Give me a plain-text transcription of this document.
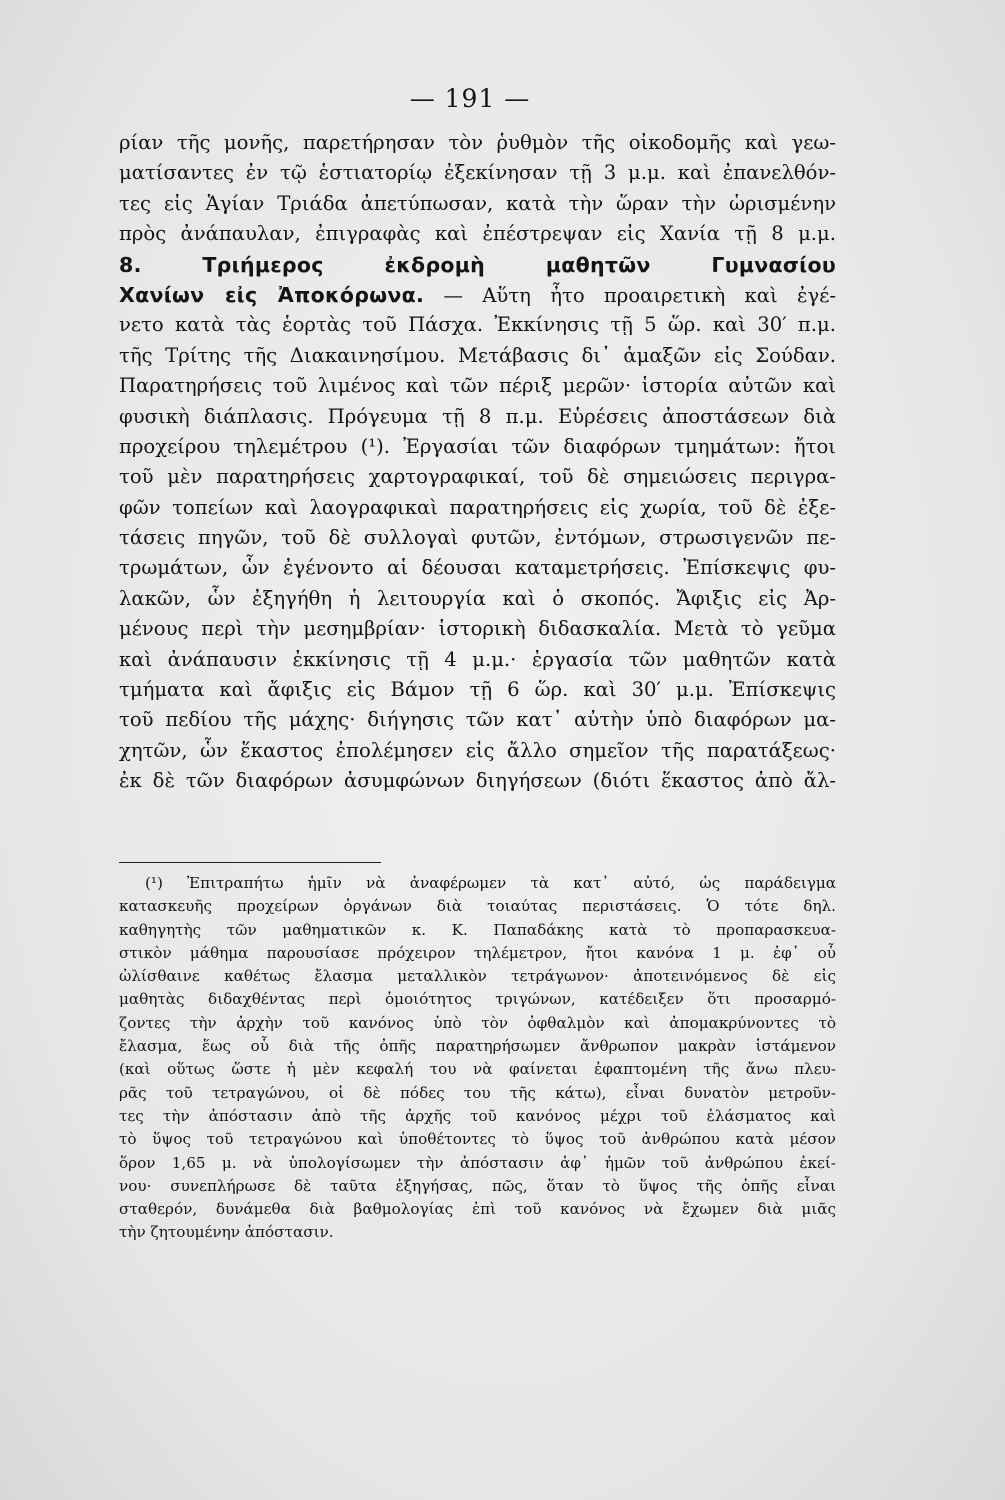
— 191 —
ρίαν τῆς μονῆς, παρετήρησαν τὸν ῥυθμὸν τῆς οἰκοδομῆς καὶ γεω-
ματίσαντες ἐν τῷ ἑστιατορίῳ ἐξεκίνησαν τῇ 3 μ.μ. καὶ ἐπανελθόν-
τες εἰς Ἁγίαν Τριάδα ἀπετύπωσαν, κατὰ τὴν ὥραν τὴν ὡρισμένην
πρὸς ἀνάπαυλαν, ἐπιγραφὰς καὶ ἐπέστρεψαν εἰς Χανία τῇ 8 μ.μ.
8. Τριήμερος ἐκδρομὴ μαθητῶν Γυμνασίου
Χανίων εἰς Ἀποκόρωνα. — Αὕτη ἦτο προαιρετικὴ καὶ ἐγέ-
νετο κατὰ τὰς ἑορτὰς τοῦ Πάσχα. Ἐκκίνησις τῇ 5 ὥρ. καὶ 30′ π.μ.
τῆς Τρίτης τῆς Διακαινησίμου. Μετάβασις δι᾽ ἁμαξῶν εἰς Σούδαν.
Παρατηρήσεις τοῦ λιμένος καὶ τῶν πέριξ μερῶν· ἱστορία αὐτῶν καὶ
φυσικὴ διάπλασις. Πρόγευμα τῇ 8 π.μ. Εὑρέσεις ἀποστάσεων διὰ
προχείρου τηλεμέτρου (¹). Ἐργασίαι τῶν διαφόρων τμημάτων: ἤτοι
τοῦ μὲν παρατηρήσεις χαρτογραφικαί, τοῦ δὲ σημειώσεις περιγρα-
φῶν τοπείων καὶ λαογραφικαὶ παρατηρήσεις εἰς χωρία, τοῦ δὲ ἐξε-
τάσεις πηγῶν, τοῦ δὲ συλλογαὶ φυτῶν, ἐντόμων, στρωσιγενῶν πε-
τρωμάτων, ὧν ἐγένοντο αἱ δέουσαι καταμετρήσεις. Ἐπίσκεψις φυ-
λακῶν, ὧν ἐξηγήθη ἡ λειτουργία καὶ ὁ σκοπός. Ἄφιξις εἰς Ἀρ-
μένους περὶ τὴν μεσημβρίαν· ἱστορικὴ διδασκαλία. Μετὰ τὸ γεῦμα
καὶ ἀνάπαυσιν ἐκκίνησις τῇ 4 μ.μ.· ἐργασία τῶν μαθητῶν κατὰ
τμήματα καὶ ἄφιξις εἰς Βάμον τῇ 6 ὥρ. καὶ 30′ μ.μ. Ἐπίσκεψις
τοῦ πεδίου τῆς μάχης· διήγησις τῶν κατ᾽ αὐτὴν ὑπὸ διαφόρων μα-
χητῶν, ὧν ἕκαστος ἐπολέμησεν εἰς ἄλλο σημεῖον τῆς παρατάξεως·
ἐκ δὲ τῶν διαφόρων ἀσυμφώνων διηγήσεων (διότι ἕκαστος ἀπὸ ἄλ-
(¹) Ἐπιτραπήτω ἡμῖν νὰ ἀναφέρωμεν τὰ κατ᾽ αὐτό, ὡς παράδειγμα
κατασκευῆς προχείρων ὀργάνων διὰ τοιαύτας περιστάσεις. Ὁ τότε δηλ.
καθηγητὴς τῶν μαθηματικῶν κ. Κ. Παπαδάκης κατὰ τὸ προπαρασκευα-
στικὸν μάθημα παρουσίασε πρόχειρον τηλέμετρον, ἤτοι κανόνα 1 μ. ἐφ᾽ οὗ
ὠλίσθαινε καθέτως ἔλασμα μεταλλικὸν τετράγωνον· ἀποτεινόμενος δὲ εἰς
μαθητὰς διδαχθέντας περὶ ὁμοιότητος τριγώνων, κατέδειξεν ὅτι προσαρμό-
ζοντες τὴν ἀρχὴν τοῦ κανόνος ὑπὸ τὸν ὀφθαλμὸν καὶ ἀπομακρύνοντες τὸ
ἔλασμα, ἕως οὗ διὰ τῆς ὀπῆς παρατηρήσωμεν ἄνθρωπον μακρὰν ἱστάμενον
(καὶ οὕτως ὥστε ἡ μὲν κεφαλή του νὰ φαίνεται ἐφαπτομένη τῆς ἄνω πλευ-
ρᾶς τοῦ τετραγώνου, οἱ δὲ πόδες του τῆς κάτω), εἶναι δυνατὸν μετροῦν-
τες τὴν ἀπόστασιν ἀπὸ τῆς ἀρχῆς τοῦ κανόνος μέχρι τοῦ ἐλάσματος καὶ
τὸ ὕψος τοῦ τετραγώνου καὶ ὑποθέτοντες τὸ ὕψος τοῦ ἀνθρώπου κατὰ μέσον
ὅρον 1,65 μ. νὰ ὑπολογίσωμεν τὴν ἀπόστασιν ἀφ᾽ ἡμῶν τοῦ ἀνθρώπου ἐκεί-
νου· συνεπλήρωσε δὲ ταῦτα ἐξηγήσας, πῶς, ὅταν τὸ ὕψος τῆς ὀπῆς εἶναι
σταθερόν, δυνάμεθα διὰ βαθμολογίας ἐπὶ τοῦ κανόνος νὰ ἔχωμεν διὰ μιᾶς
τὴν ζητουμένην ἀπόστασιν.
